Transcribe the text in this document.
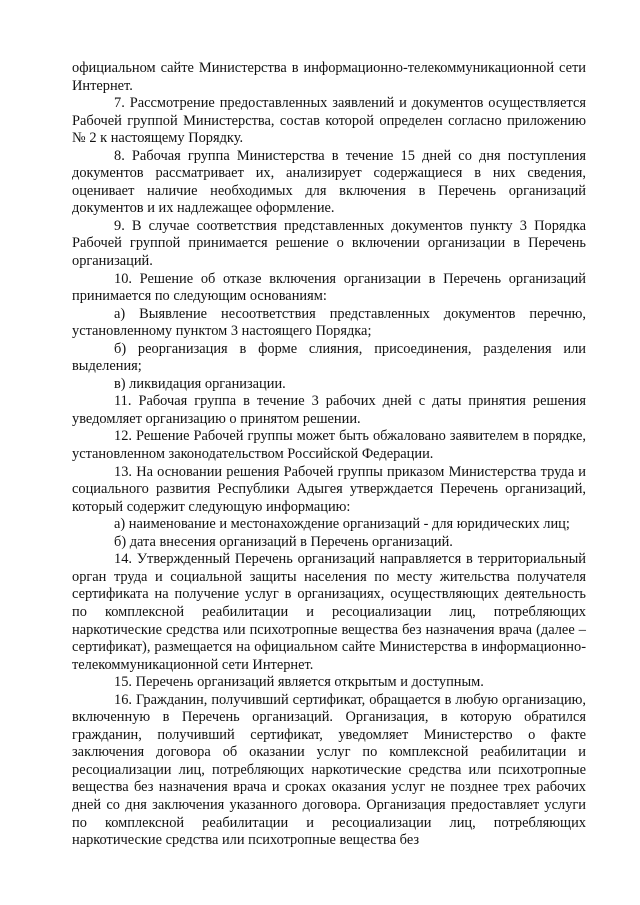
официальном сайте Министерства в информационно-телекоммуникационной сети Интернет.

7. Рассмотрение предоставленных заявлений и документов осуществляется Рабочей группой Министерства, состав которой определен согласно приложению № 2 к настоящему Порядку.

8. Рабочая группа Министерства в течение 15 дней со дня поступления документов рассматривает их, анализирует содержащиеся в них сведения, оценивает наличие необходимых для включения в Перечень организаций документов и их надлежащее оформление.

9. В случае соответствия представленных документов пункту 3 Порядка Рабочей группой принимается решение о включении организации в Перечень организаций.

10. Решение об отказе включения организации в Перечень организаций принимается по следующим основаниям:

а) Выявление несоответствия представленных документов перечню, установленному пунктом 3 настоящего Порядка;

б) реорганизация в форме слияния, присоединения, разделения или выделения;

в) ликвидация организации.

11. Рабочая группа в течение 3 рабочих дней с даты принятия решения уведомляет организацию о принятом решении.

12. Решение Рабочей группы может быть обжаловано заявителем в порядке, установленном законодательством Российской Федерации.

13. На основании решения Рабочей группы приказом Министерства труда и социального развития Республики Адыгея утверждается Перечень организаций, который содержит следующую информацию:

а) наименование и местонахождение организаций - для юридических лиц;

б) дата внесения организаций в Перечень организаций.

14. Утвержденный Перечень организаций направляется в территориальный орган труда и социальной защиты населения по месту жительства получателя сертификата на получение услуг в организациях, осуществляющих деятельность по комплексной реабилитации и ресоциализации лиц, потребляющих наркотические средства или психотропные вещества без назначения врача (далее – сертификат), размещается на официальном сайте Министерства в информационно-телекоммуникационной сети Интернет.

15. Перечень организаций является открытым и доступным.

16. Гражданин, получивший сертификат, обращается в любую организацию, включенную в Перечень организаций. Организация, в которую обратился гражданин, получивший сертификат, уведомляет Министерство о факте заключения договора об оказании услуг по комплексной реабилитации и ресоциализации лиц, потребляющих наркотические средства или психотропные вещества без назначения врача и сроках оказания услуг не позднее трех рабочих дней со дня заключения указанного договора. Организация предоставляет услуги по комплексной реабилитации и ресоциализации лиц, потребляющих наркотические средства или психотропные вещества без
